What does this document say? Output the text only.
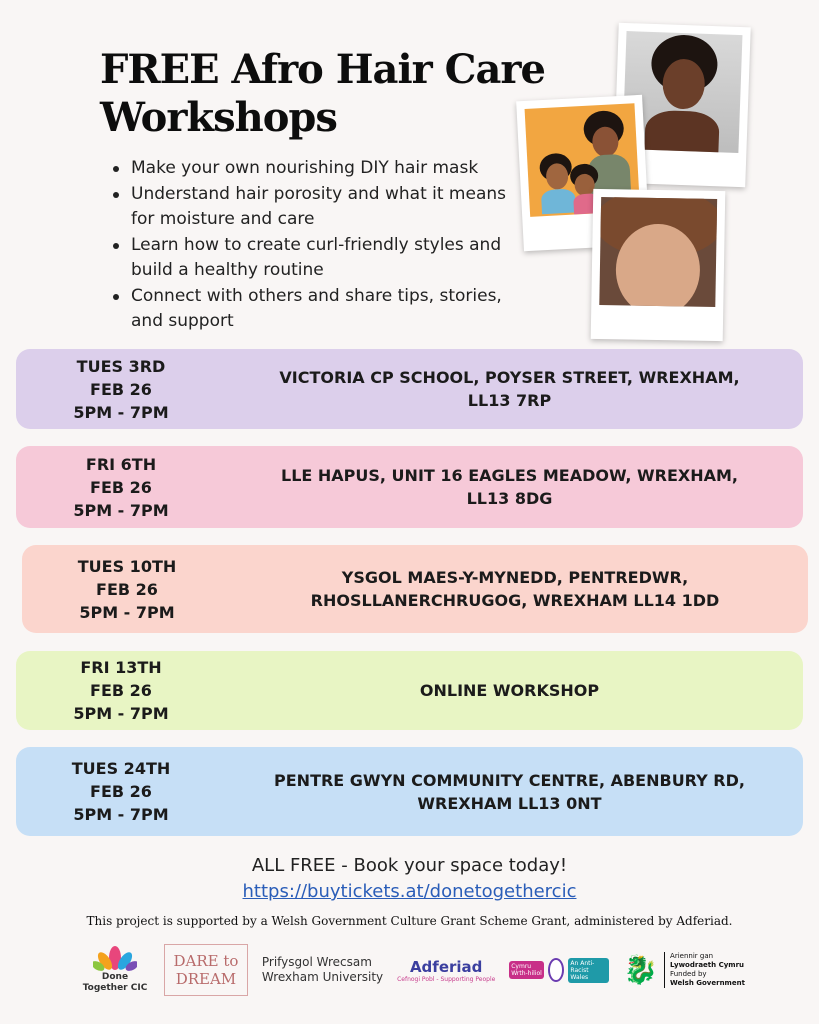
FREE Afro Hair Care
Workshops
Make your own nourishing DIY hair mask
Understand hair porosity and what it means for moisture and care
Learn how to create curl-friendly styles and build a healthy routine
Connect with others and share tips, stories, and support
TUES 3RD
FEB 26
5PM - 7PM
VICTORIA CP SCHOOL, POYSER STREET, WREXHAM, LL13 7RP
FRI 6TH
FEB 26
5PM - 7PM
LLE HAPUS, UNIT 16 EAGLES MEADOW, WREXHAM, LL13 8DG
TUES 10TH
FEB 26
5PM - 7PM
YSGOL MAES-Y-MYNEDD, PENTREDWR, RHOSLLANERCHRUGOG, WREXHAM LL14 1DD
FRI 13TH
FEB 26
5PM - 7PM
ONLINE WORKSHOP
TUES 24TH
FEB 26
5PM - 7PM
PENTRE GWYN COMMUNITY CENTRE, ABENBURY RD, WREXHAM LL13 0NT
ALL FREE - Book your space today!
https://buytickets.at/donetogethercic
This project is supported by a Welsh Government Culture Grant Scheme Grant, administered by Adferiad.
Done Together CIC
DARE to DREAM
Prifysgol Wrecsam
Wrexham University
Adferiad
Cefnogi Pobl - Supporting People
Cymru Wrth-hiliol
An Anti-Racist Wales	🐉 Ariennir gan
Lywodraeth Cymru
Funded by
Welsh Government
